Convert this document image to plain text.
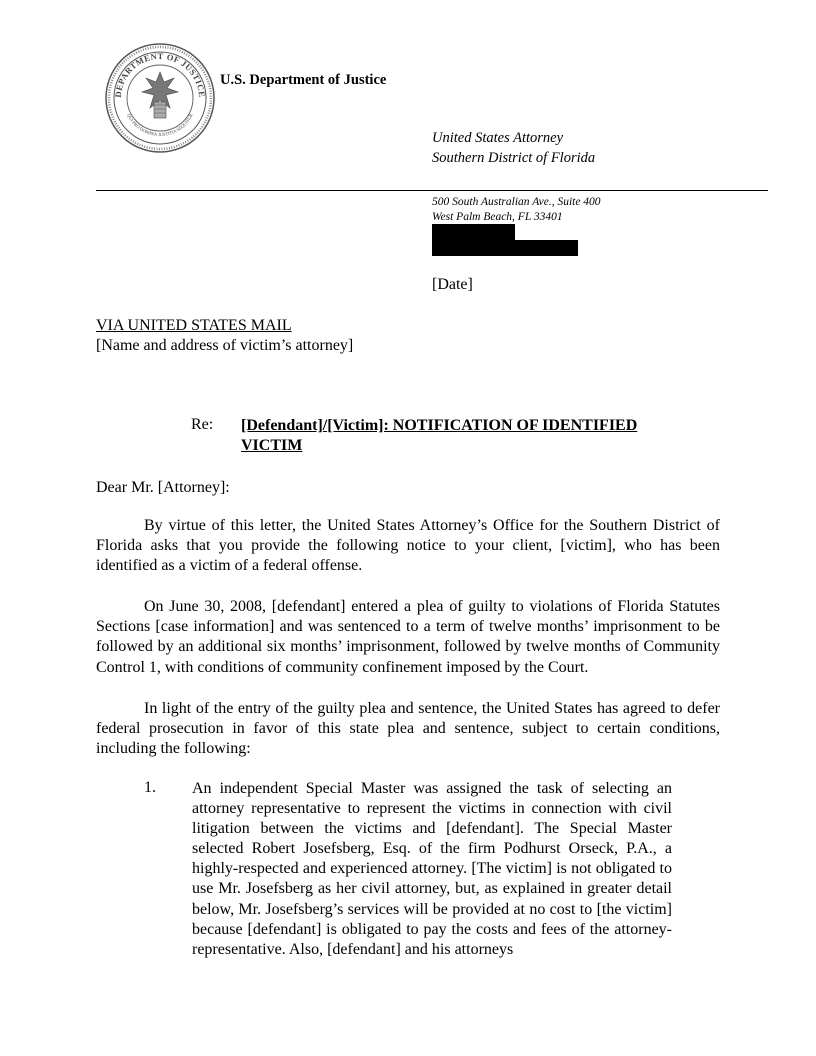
DEPARTMENT OF JUSTICE
QUI PRO DOMINA JUSTITIA SEQUITUR
U.S. Department of Justice
United States Attorney
Southern District of Florida
500 South Australian Ave., Suite 400
West Palm Beach, FL 33401
[Date]
VIA UNITED STATES MAIL
[Name and address of victim’s attorney]
Re: [Defendant]/[Victim]: NOTIFICATION OF IDENTIFIED VICTIM
Dear Mr. [Attorney]:

By virtue of this letter, the United States Attorney’s Office for the Southern District of Florida asks that you provide the following notice to your client, [victim], who has been identified as a victim of a federal offense.

On June 30, 2008, [defendant] entered a plea of guilty to violations of Florida Statutes Sections [case information] and was sentenced to a term of twelve months’ imprisonment to be followed by an additional six months’ imprisonment, followed by twelve months of Community Control 1, with conditions of community confinement imposed by the Court.

In light of the entry of the guilty plea and sentence, the United States has agreed to defer federal prosecution in favor of this state plea and sentence, subject to certain conditions, including the following:

1. An independent Special Master was assigned the task of selecting an attorney representative to represent the victims in connection with civil litigation between the victims and [defendant]. The Special Master selected Robert Josefsberg, Esq. of the firm Podhurst Orseck, P.A., a highly-respected and experienced attorney. [The victim] is not obligated to use Mr. Josefsberg as her civil attorney, but, as explained in greater detail below, Mr. Josefsberg’s services will be provided at no cost to [the victim] because [defendant] is obligated to pay the costs and fees of the attorney-representative. Also, [defendant] and his attorneys
